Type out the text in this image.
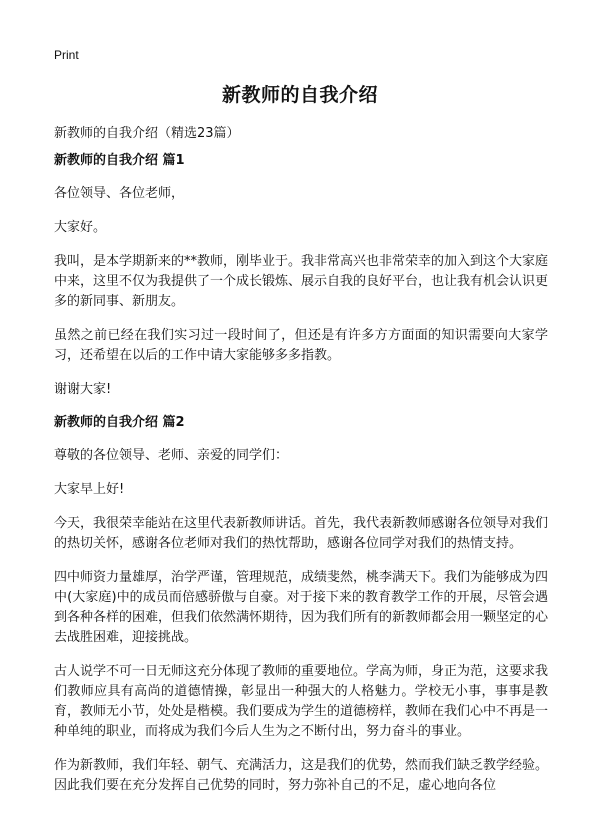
Print
新教师的自我介绍
新教师的自我介绍（精选23篇）
新教师的自我介绍 篇1

各位领导、各位老师，

大家好。

我叫，是本学期新来的**教师，刚毕业于。我非常高兴也非常荣幸的加入到这个大家庭中来，这里不仅为我提供了一个成长锻炼、展示自我的良好平台，也让我有机会认识更多的新同事、新朋友。

虽然之前已经在我们实习过一段时间了，但还是有许多方方面面的知识需要向大家学习，还希望在以后的工作中请大家能够多多指教。

谢谢大家!

新教师的自我介绍 篇2

尊敬的各位领导、老师、亲爱的同学们：

大家早上好!

今天，我很荣幸能站在这里代表新教师讲话。首先，我代表新教师感谢各位领导对我们的热切关怀，感谢各位老师对我们的热忱帮助，感谢各位同学对我们的热情支持。

四中师资力量雄厚，治学严谨，管理规范，成绩斐然，桃李满天下。我们为能够成为四中(大家庭)中的成员而倍感骄傲与自豪。对于接下来的教育教学工作的开展，尽管会遇到各种各样的困难，但我们依然满怀期待，因为我们所有的新教师都会用一颗坚定的心去战胜困难，迎接挑战。

古人说学不可一日无师这充分体现了教师的重要地位。学高为师，身正为范，这要求我们教师应具有高尚的道德情操，彰显出一种强大的人格魅力。学校无小事，事事是教育，教师无小节，处处是楷模。我们要成为学生的道德榜样，教师在我们心中不再是一种单纯的职业，而将成为我们今后人生为之不断付出，努力奋斗的事业。

作为新教师，我们年轻、朝气、充满活力，这是我们的优势，然而我们缺乏教学经验。因此我们要在充分发挥自己优势的同时，努力弥补自己的不足，虚心地向各位
